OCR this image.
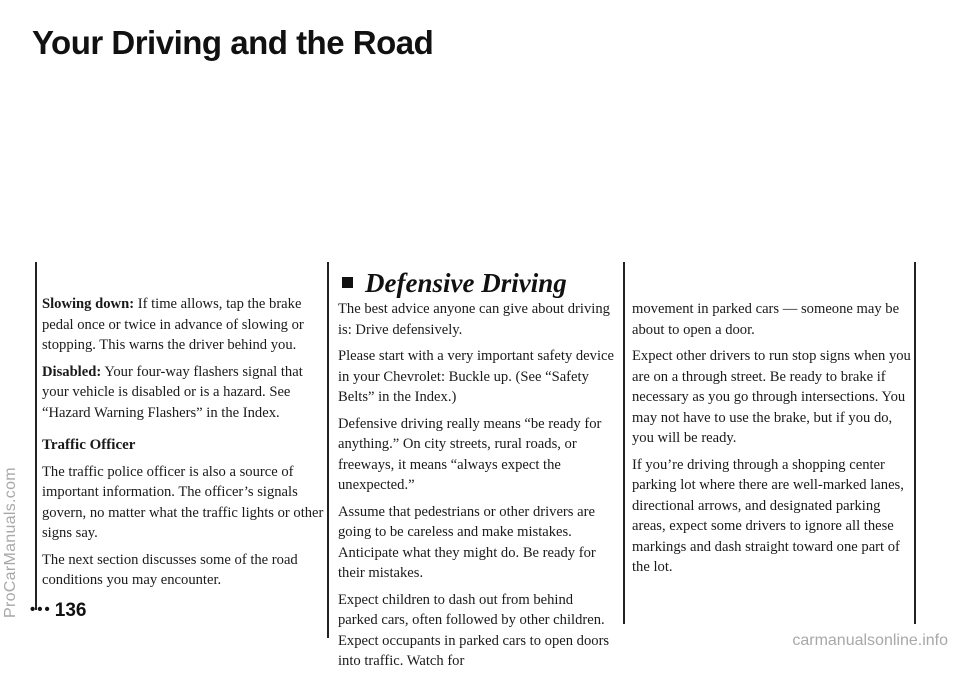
Your Driving and the Road
ProCarManuals.com
carmanualsonline.info

Slowing down: If time allows, tap the brake pedal once or twice in advance of slowing or stopping. This warns the driver behind you.

Disabled: Your four-way flashers signal that your vehicle is disabled or is a hazard. See “Hazard Warning Flashers” in the Index.

Traffic Officer

The traffic police officer is also a source of important information. The officer’s signals govern, no matter what the traffic lights or other signs say.

The next section discusses some of the road conditions you may encounter.

Defensive Driving

The best advice anyone can give about driving is: Drive defensively.

Please start with a very important safety device in your Chevrolet: Buckle up. (See “Safety Belts” in the Index.)

Defensive driving really means “be ready for anything.” On city streets, rural roads, or freeways, it means “always expect the unexpected.”

Assume that pedestrians or other drivers are going to be careless and make mistakes. Anticipate what they might do. Be ready for their mistakes.

Expect children to dash out from behind parked cars, often followed by other children. Expect occupants in parked cars to open doors into traffic. Watch for

movement in parked cars — someone may be about to open a door.

Expect other drivers to run stop signs when you are on a through street. Be ready to brake if necessary as you go through intersections. You may not have to use the brake, but if you do, you will be ready.

If you’re driving through a shopping center parking lot where there are well-marked lanes, directional arrows, and designated parking areas, expect some drivers to ignore all these markings and dash straight toward one part of the lot.

••• 136
